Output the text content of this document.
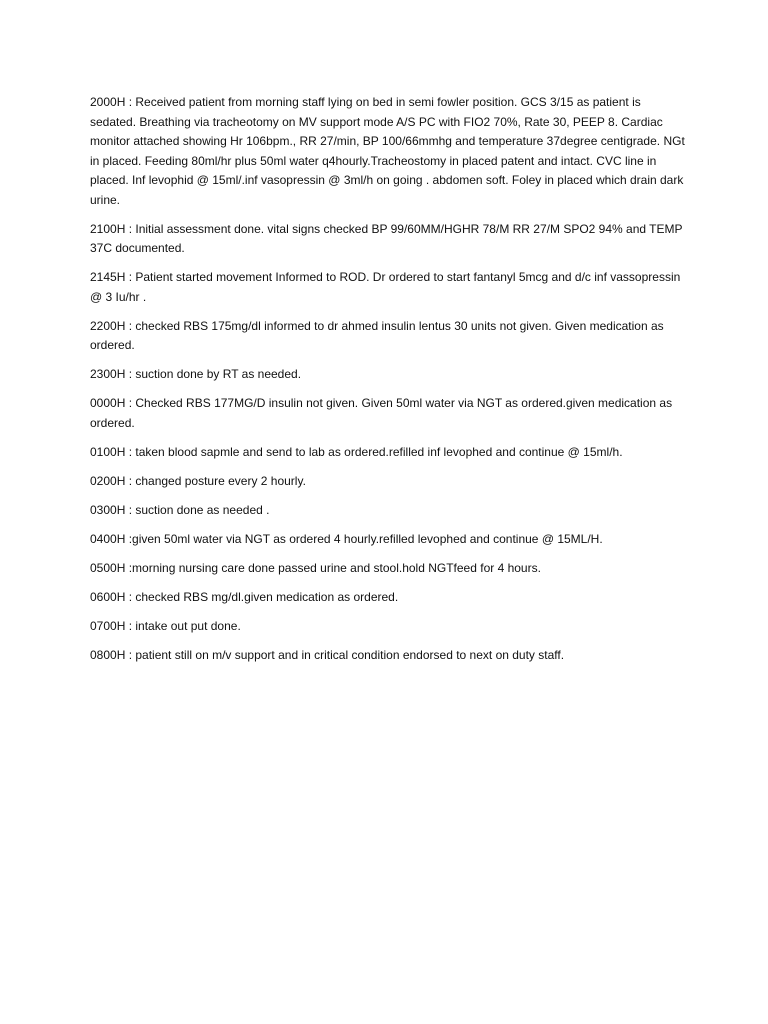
2000H : Received patient from morning staff lying on bed in semi fowler position. GCS 3/15 as patient is sedated. Breathing via tracheotomy on MV support mode A/S PC with FIO2 70%, Rate 30, PEEP 8. Cardiac monitor attached showing Hr 106bpm., RR 27/min, BP 100/66mmhg and temperature 37degree centigrade. NGt in placed. Feeding 80ml/hr plus 50ml water q4hourly.Tracheostomy in placed patent and intact. CVC line in placed. Inf levophid @ 15ml/.inf vasopressin @ 3ml/h on going . abdomen soft. Foley in placed which drain dark urine.

2100H : Initial assessment done. vital signs checked BP 99/60MM/HGHR 78/M RR 27/M SPO2 94% and TEMP 37C documented.

2145H : Patient started movement Informed to ROD. Dr ordered to start fantanyl 5mcg and d/c inf vassopressin @ 3 Iu/hr .

2200H : checked RBS 175mg/dl informed to dr ahmed insulin lentus 30 units not given. Given medication as ordered.

2300H : suction done by RT as needed.

0000H : Checked RBS 177MG/D insulin not given. Given 50ml water via NGT as ordered.given medication as ordered.

0100H : taken blood sapmle and send to lab as ordered.refilled inf levophed and continue @ 15ml/h.

0200H : changed posture every 2 hourly.

0300H : suction done as needed .

0400H :given 50ml water via NGT as ordered 4 hourly.refilled levophed and continue @ 15ML/H.

0500H :morning nursing care done passed urine and stool.hold NGTfeed for 4 hours.

0600H : checked RBS mg/dl.given medication as ordered.

0700H : intake out put done.

0800H : patient still on m/v support and in critical condition endorsed to next on duty staff.
